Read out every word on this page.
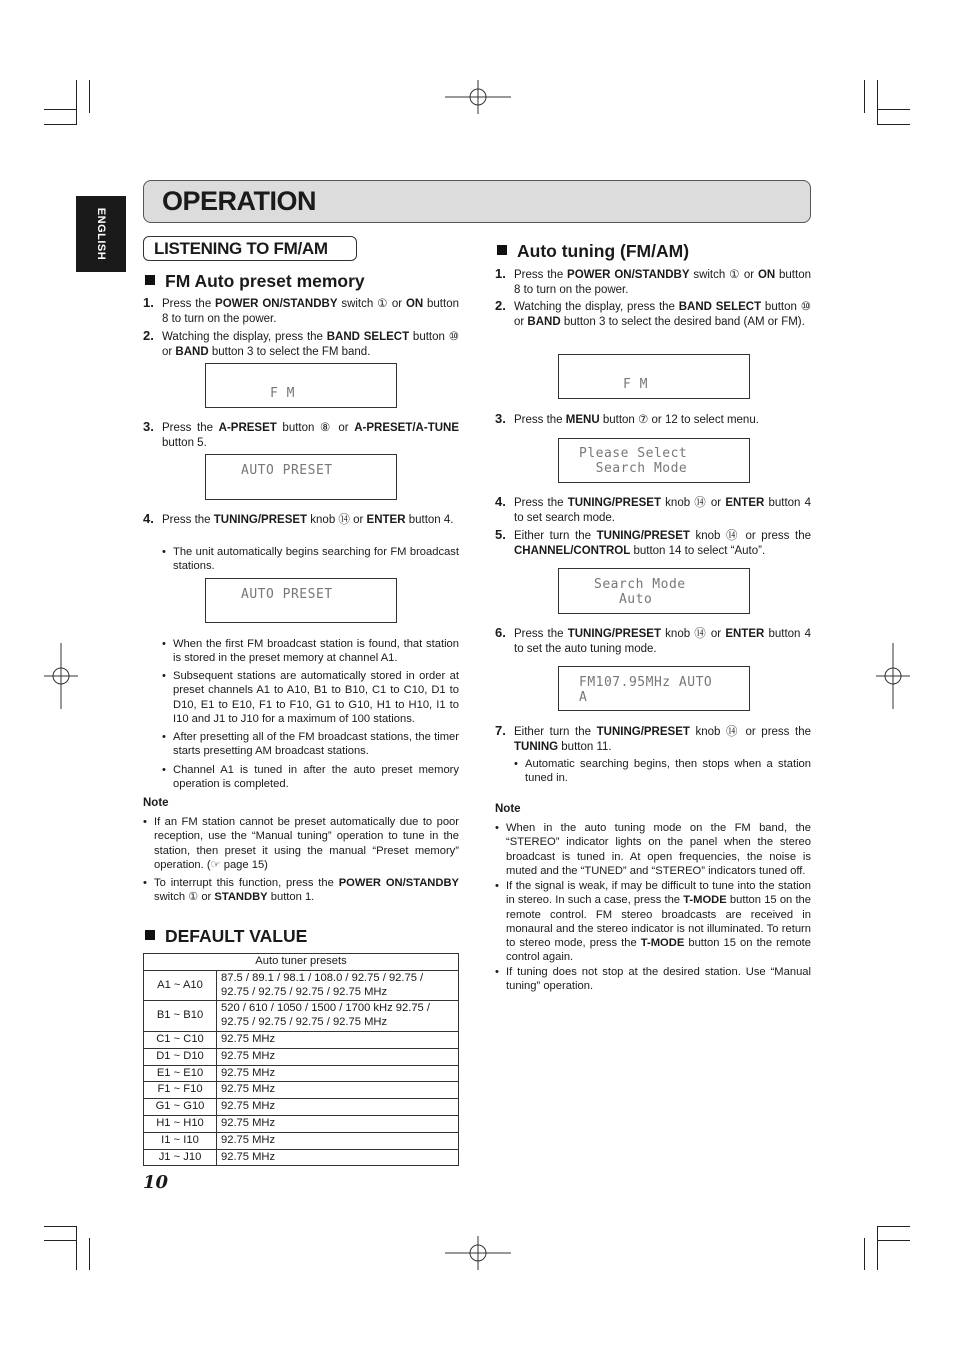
ENGLISH
OPERATION
LISTENING TO FM/AM
FM Auto preset memory
1. Press the POWER ON/STANDBY switch ① or ON button 8 to turn on the power.
2. Watching the display, press the BAND SELECT button ⑩ or BAND button 3 to select the FM band.
F M
3. Press the A-PRESET button ⑧ or A-PRESET/A-TUNE button 5.
AUTO PRESET
4. Press the TUNING/PRESET knob ⑭ or ENTER button 4.
• The unit automatically begins searching for FM broadcast stations.
AUTO PRESET
• When the first FM broadcast station is found, that station is stored in the preset memory at channel A1.
• Subsequent stations are automatically stored in order at preset channels A1 to A10, B1 to B10, C1 to C10, D1 to D10, E1 to E10, F1 to F10, G1 to G10, H1 to H10, I1 to I10 and J1 to J10 for a maximum of 100 stations.
• After presetting all of the FM broadcast stations, the timer starts presetting AM broadcast stations.
• Channel A1 is tuned in after the auto preset memory operation is completed.
Note
• If an FM station cannot be preset automatically due to poor reception, use the “Manual tuning” operation to tune in the station, then preset it using the manual “Preset memory” operation. (☞ page 15)
• To interrupt this function, press the POWER ON/STANDBY switch ① or STANDBY button 1.
DEFAULT VALUE
Auto tuner presets	
A1 ~ A10	87.5 / 89.1 / 98.1 / 108.0 / 92.75 / 92.75 / 92.75 / 92.75 / 92.75 / 92.75 MHz
B1 ~ B10	520 / 610 / 1050 / 1500 / 1700 kHz 92.75 / 92.75 / 92.75 / 92.75 / 92.75 MHz
C1 ~ C10	92.75 MHz
D1 ~ D10	92.75 MHz
E1 ~ E10	92.75 MHz
F1 ~ F10	92.75 MHz
G1 ~ G10	92.75 MHz
H1 ~ H10	92.75 MHz
I1 ~ I10	92.75 MHz
J1 ~ J10	92.75 MHz
10
Auto tuning (FM/AM)
1. Press the POWER ON/STANDBY switch ① or ON button 8 to turn on the power.
2. Watching the display, press the BAND SELECT button ⑩ or BAND button 3 to select the desired band (AM or FM).
F M
3. Press the MENU button ⑦ or 12 to select menu.
Please Select
Search Mode
4. Press the TUNING/PRESET knob ⑭ or ENTER button 4 to set search mode.
5. Either turn the TUNING/PRESET knob ⑭ or press the CHANNEL/CONTROL button 14 to select “Auto”.
Search Mode
Auto
6. Press the TUNING/PRESET knob ⑭ or ENTER button 4 to set the auto tuning mode.
FM107.95MHz AUTO
A
7. Either turn the TUNING/PRESET knob ⑭ or press the TUNING button 11.
• Automatic searching begins, then stops when a station tuned in.
Note
• When in the auto tuning mode on the FM band, the “STEREO” indicator lights on the panel when the stereo broadcast is tuned in. At open frequencies, the noise is muted and the “TUNED” and “STEREO” indicators tuned off.
• If the signal is weak, if may be difficult to tune into the station in stereo. In such a case, press the T-MODE button 15 on the remote control. FM stereo broadcasts are received in monaural and the stereo indicator is not illuminated. To return to stereo mode, press the T-MODE button 15 on the remote control again.
• If tuning does not stop at the desired station. Use “Manual tuning” operation.
